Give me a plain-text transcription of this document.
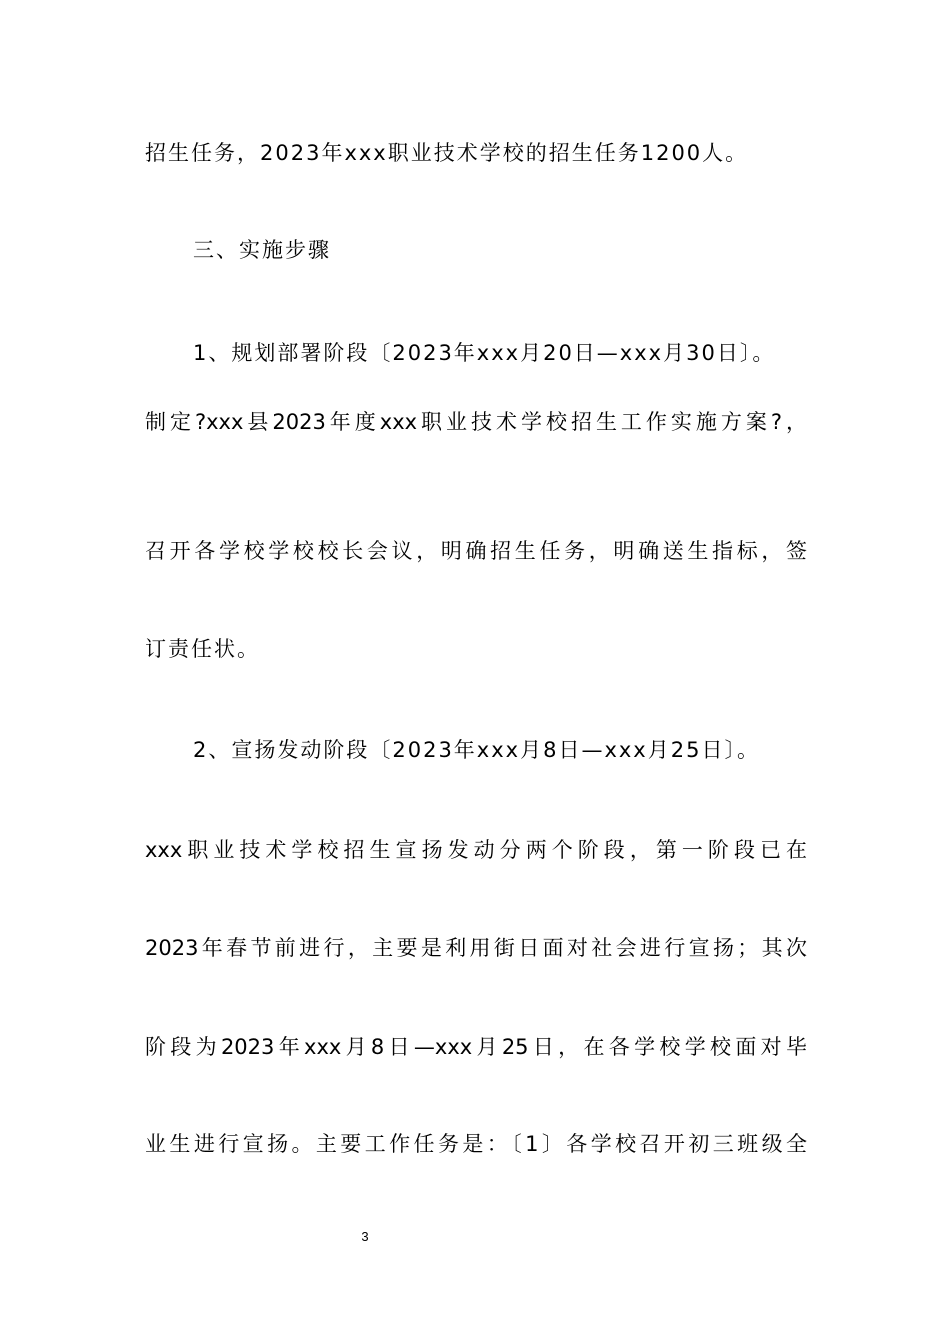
招生任务，2023年xxx职业技术学校的招生任务1200人。
三、实施步骤
1、规划部署阶段〔2023年xxx月20日—xxx月30日〕。
制定?xxx县2023年度xxx职业技术学校招生工作实施方案?，
召开各学校学校校长会议，明确招生任务，明确送生指标，签
订责任状。
2、宣扬发动阶段〔2023年xxx月8日—xxx月25日〕。
xxx职业技术学校招生宣扬发动分两个阶段，第一阶段已在
2023年春节前进行，主要是利用街日面对社会进行宣扬；其次
阶段为2023年xxx月8日—xxx月25日，在各学校学校面对毕
业生进行宣扬。主要工作任务是：〔1〕各学校召开初三班级全
3
